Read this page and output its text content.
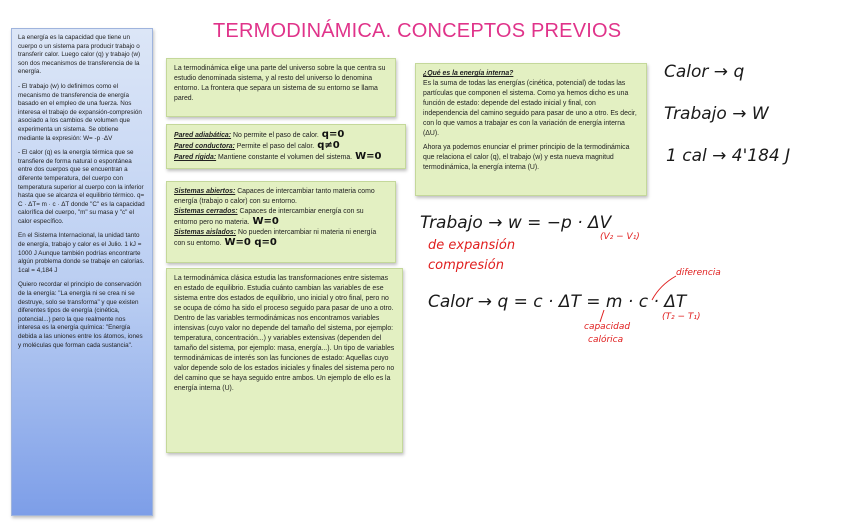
TERMODINÁMICA. CONCEPTOS PREVIOS

La energía es la capacidad que tiene un cuerpo o un sistema para producir trabajo o transferir calor. Luego calor (q) y trabajo (w) son dos mecanismos de transferencia de la energía.

- El trabajo (w) lo definimos como el mecanismo de transferencia de energía basado en el empleo de una fuerza. Nos interesa el trabajo de expansión-compresión asociado a los cambios de volumen que experimenta un sistema. Se obtiene mediante la expresión: W= -p ·ΔV

- El calor (q) es la energía térmica que se transfiere de forma natural o espontánea entre dos cuerpos que se encuentran a diferente temperatura, del cuerpo con temperatura superior al cuerpo con la inferior hasta que se alcanza el equilibrio térmico. q= C · ΔT= m · c · ΔT donde "C" es la capacidad calorífica del cuerpo, "m" su masa y "c" el calor específico.

En el Sistema Internacional, la unidad tanto de energía, trabajo y calor es el Julio. 1 kJ = 1000 J Aunque también podrías encontrarte algún problema donde se trabaje en calorías. 1cal = 4,184 J

Quiero recordar el principio de conservación de la energía: "La energía ni se crea ni se destruye, solo se transforma" y que existen diferentes tipos de energía (cinética, potencial...) pero la que realmente nos interesa es la energía química: "Energía debida a las uniones entre los átomos, iones y moléculas que forman cada sustancia".

La termodinámica elige una parte del universo sobre la que centra su estudio denominada sistema, y al resto del universo lo denomina entorno. La frontera que separa un sistema de su entorno se llama pared.

Pared adiabática: No permite el paso de calor. q=0

Pared conductora: Permite el paso del calor. q≠0

Pared rígida: Mantiene constante el volumen del sistema. W=0

Sistemas abiertos: Capaces de intercambiar tanto materia como energía (trabajo o calor) con su entorno.

Sistemas cerrados: Capaces de intercambiar energía con su entorno pero no materia. W=0

Sistemas aislados: No pueden intercambiar ni materia ni energía con su entorno. W=0 q=0

La termodinámica clásica estudia las transformaciones entre sistemas en estado de equilibrio. Estudia cuánto cambian las variables de ese sistema entre dos estados de equilibrio, uno inicial y otro final, pero no se ocupa de cómo ha sido el proceso seguido para pasar de uno a otro. Dentro de las variables termodinámicas nos encontramos variables intensivas (cuyo valor no depende del tamaño del sistema, por ejemplo: temperatura, concentración...) y variables extensivas (dependen del tamaño del sistema, por ejemplo: masa, energía...). Un tipo de variables termodinámicas de interés son las funciones de estado: Aquellas cuyo valor depende solo de los estados iniciales y finales del sistema pero no del camino que se haya seguido entre ambos. Un ejemplo de ello es la energía interna (U).

¿Qué es la energía interna?

Es la suma de todas las energías (cinética, potencial) de todas las partículas que componen el sistema. Como ya hemos dicho es una función de estado: depende del estado inicial y final, con independencia del camino seguido para pasar de uno a otro. Es decir, con lo que vamos a trabajar es con la variación de energía interna (ΔU).

Ahora ya podemos enunciar el primer principio de la termodinámica que relaciona el calor (q), el trabajo (w) y esta nueva magnitud termodinámica, la energía interna (U).

Calor → q
Trabajo → W
1 cal → 4'184 J
Trabajo → w = −p · ΔV
(V₂ − V₁)
de expansión
compresión	diferencia
Calor → q = c · ΔT = m · c · ΔT
(T₂ − T₁)
capacidad
calórica
